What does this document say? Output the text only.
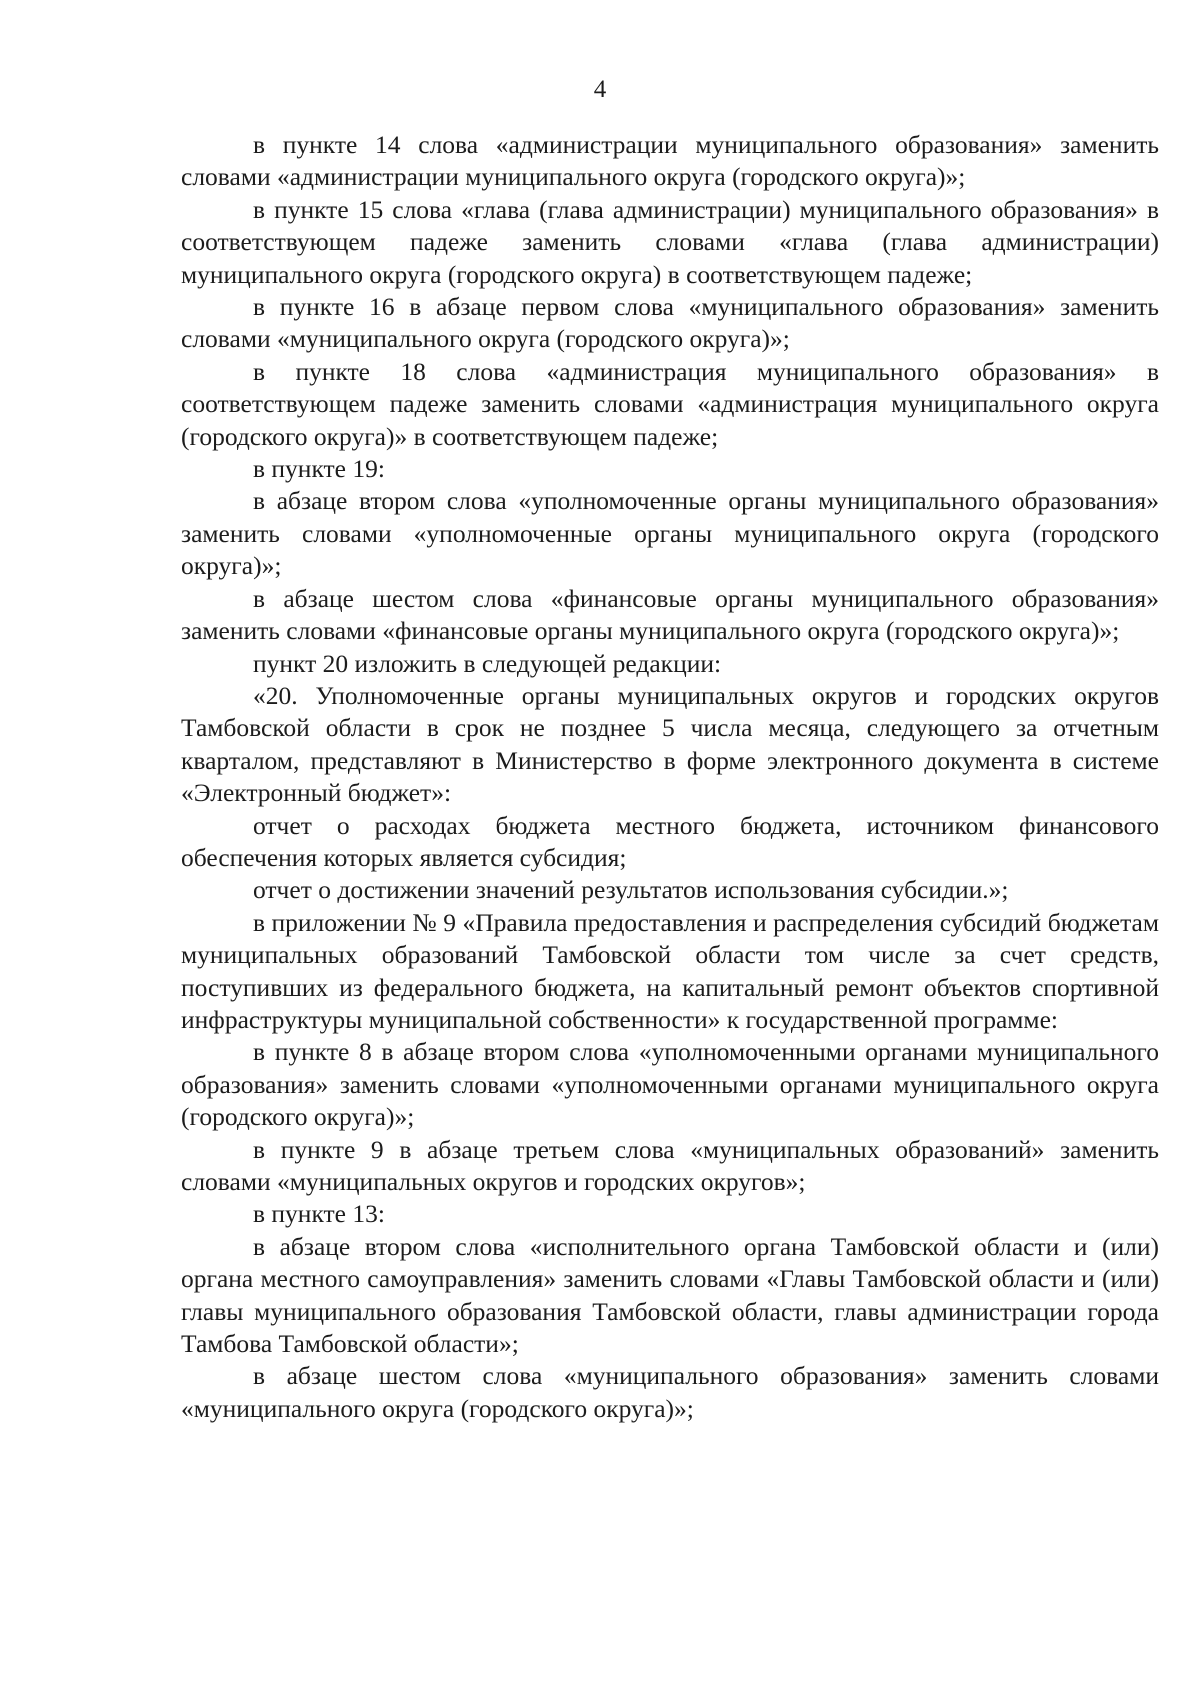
4

в пункте 14 слова «администрации муниципального образования» заменить словами «администрации муниципального округа (городского округа)»;

в пункте 15 слова «глава (глава администрации) муниципального образования» в соответствующем падеже заменить словами «глава (глава администрации) муниципального округа (городского округа) в соответствующем падеже;

в пункте 16 в абзаце первом слова «муниципального образования» заменить словами «муниципального округа (городского округа)»;

в пункте 18 слова «администрация муниципального образования» в соответствующем падеже заменить словами «администрация муниципального округа (городского округа)» в соответствующем падеже;

в пункте 19:

в абзаце втором слова «уполномоченные органы муниципального образования» заменить словами «уполномоченные органы муниципального округа (городского округа)»;

в абзаце шестом слова «финансовые органы муниципального образования» заменить словами «финансовые органы муниципального округа (городского округа)»;

пункт 20 изложить в следующей редакции:

«20. Уполномоченные органы муниципальных округов и городских округов Тамбовской области в срок не позднее 5 числа месяца, следующего за отчетным кварталом, представляют в Министерство в форме электронного документа в системе «Электронный бюджет»:

отчет о расходах бюджета местного бюджета, источником финансового обеспечения которых является субсидия;

отчет о достижении значений результатов использования субсидии.»;

в приложении № 9 «Правила предоставления и распределения субсидий бюджетам муниципальных образований Тамбовской области том числе за счет средств, поступивших из федерального бюджета, на капитальный ремонт объектов спортивной инфраструктуры муниципальной собственности» к государственной программе:

в пункте 8 в абзаце втором слова «уполномоченными органами муниципального образования» заменить словами «уполномоченными органами муниципального округа (городского округа)»;

в пункте 9 в абзаце третьем слова «муниципальных образований» заменить словами «муниципальных округов и городских округов»;

в пункте 13:

в абзаце втором слова «исполнительного органа Тамбовской области и (или) органа местного самоуправления» заменить словами «Главы Тамбовской области и (или) главы муниципального образования Тамбовской области, главы администрации города Тамбова Тамбовской области»;

в абзаце шестом слова «муниципального образования» заменить словами «муниципального округа (городского округа)»;
